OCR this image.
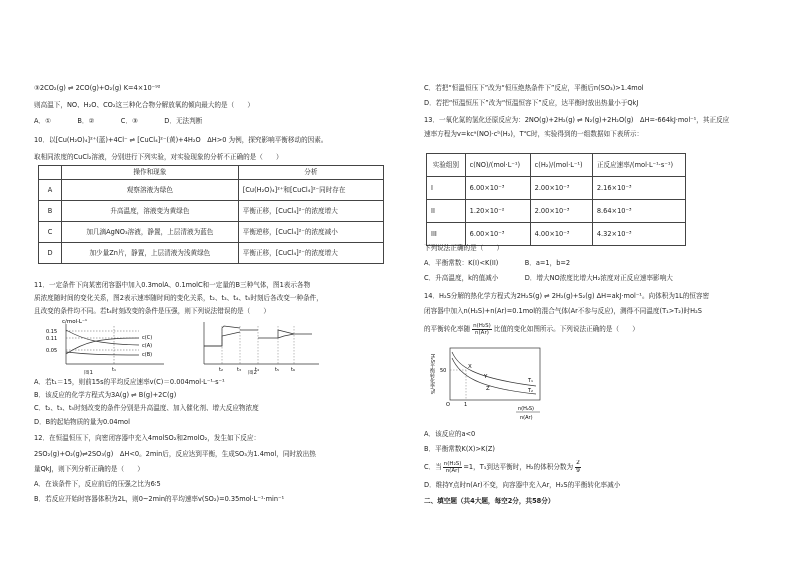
③2CO₂(g) ⇌ 2CO(g)+O₂(g) K=4×10⁻⁹²
则高温下，NO、H₂O、CO₂这三种化合物分解放氧的倾向最大的是（　　）
A．①　　　　B．②　　　　C．③　　　　D．无法判断
10．以[Cu(H₂O)₄]²⁺(蓝)+4Cl⁻ ⇌ [CuCl₄]²⁻(黄)+4H₂O　ΔH>0 为例，探究影响平衡移动的因素。
取相同浓度的CuCl₂溶液，分别进行下列实验，对实验现象的分析不正确的是（　　）
	操作和现象	分析
A	观察溶液为绿色	[Cu(H₂O)₄]²⁺和[CuCl₄]²⁻同时存在
B	升高温度，溶液变为黄绿色	平衡正移，[CuCl₄]²⁻的浓度增大
C	加几滴AgNO₃溶液，静置，上层清液为蓝色	平衡逆移，[CuCl₄]²⁻的浓度减小
D	加少量Zn片，静置，上层清液为浅黄绿色	平衡正移，[CuCl₄]²⁻的浓度增大
11．一定条件下向某密闭容器中加入0.3molA、0.1molC和一定量的B三种气体，图1表示各物
质浓度随时间的变化关系，图2表示速率随时间的变化关系，t₂、t₃、t₄、t₅时刻后各改变一种条件，
且改变的条件均不同。若t₄时刻改变的条件是压强，则下列说法错误的是（　　）
c/mol·L⁻¹
0.15
0.11
0.05
c(C)
c(A)
c(B)
t₁
图1	t₂	t₃	t₄	t₅ t₆
图2
A．若t₁＝15，则前15s的平均反应速率v(C)＝0.004mol·L⁻¹·s⁻¹
B．该反应的化学方程式为3A(g) ⇌ B(g)+2C(g)
C．t₂、t₃、t₅时刻改变的条件分别是升高温度、加入催化剂、增大反应物浓度
D．B的起始物质的量为0.04mol
12．在恒温恒压下，向密闭容器中充入4molSO₂和2molO₂，发生如下反应：
2SO₂(g)+O₂(g)⇌2SO₃(g)　ΔH<0。2min后，反应达到平衡，生成SO₃为1.4mol，同时放出热
量QkJ，则下列分析正确的是（　　）
A．在该条件下，反应前后的压强之比为6∶5
B．若反应开始时容器体积为2L，则0~2min的平均速率v(SO₂)=0.35mol·L⁻¹·min⁻¹
C．若把“恒温恒压下”改为“恒压绝热条件下”反应，平衡后n(SO₃)>1.4mol
D．若把“恒温恒压下”改为“恒温恒容下”反应，达平衡时放出热量小于QkJ
13．一氧化氮的氢化还原反应为：2NO(g)+2H₂(g) ⇌ N₂(g)+2H₂O(g)　ΔH=-664kJ·mol⁻¹，其正反应
速率方程为v=kcᵃ(NO)·cᵇ(H₂)，T℃时，实验得到的一组数据如下表所示：
实验组别	c(NO)/(mol·L⁻¹)	c(H₂)/(mol·L⁻¹)	正反应速率/(mol·L⁻¹·s⁻¹)
I	6.00×10⁻³	2.00×10⁻³	2.16×10⁻³
II	1.20×10⁻²	2.00×10⁻³	8.64×10⁻³
III	6.00×10⁻³	4.00×10⁻³	4.32×10⁻³
下列说法正确的是（　　）
A．平衡常数：K(I)<K(II)　　　　B．a=1，b=2
C．升高温度，k的值减小　　　　D．增大NO浓度比增大H₂浓度对正反应速率影响大
14．H₂S分解的热化学方程式为2H₂S(g) ⇌ 2H₂(g)+S₂(g) ΔH=akJ·mol⁻¹。向体积为1L的恒容密
闭容器中加入n(H₂S)+n(Ar)=0.1mol的混合气体(Ar不参与反应)，测得不同温度(T₁>T₂)时H₂S
的平衡转化率随 n(H₂S)
n(Ar) 比值的变化如图所示。下列说法正确的是（　　）
H₂S平衡转化率/% 50
X
Y
Z
T₁
T₂
O	1
n(H₂S)
n(Ar)
A．该反应的a<0
B．平衡常数K(X)>K(Z)
C．当 $\frac{\text{n(H₂S)}}{n(Ar)} =1$，T₁到达平衡时，H₂的体积分数为
2
9
D．维持Y点时n(Ar)不变，向容器中充入Ar，H₂S的平衡转化率减小
二、填空题（共4大题，每空2分，共58分）
